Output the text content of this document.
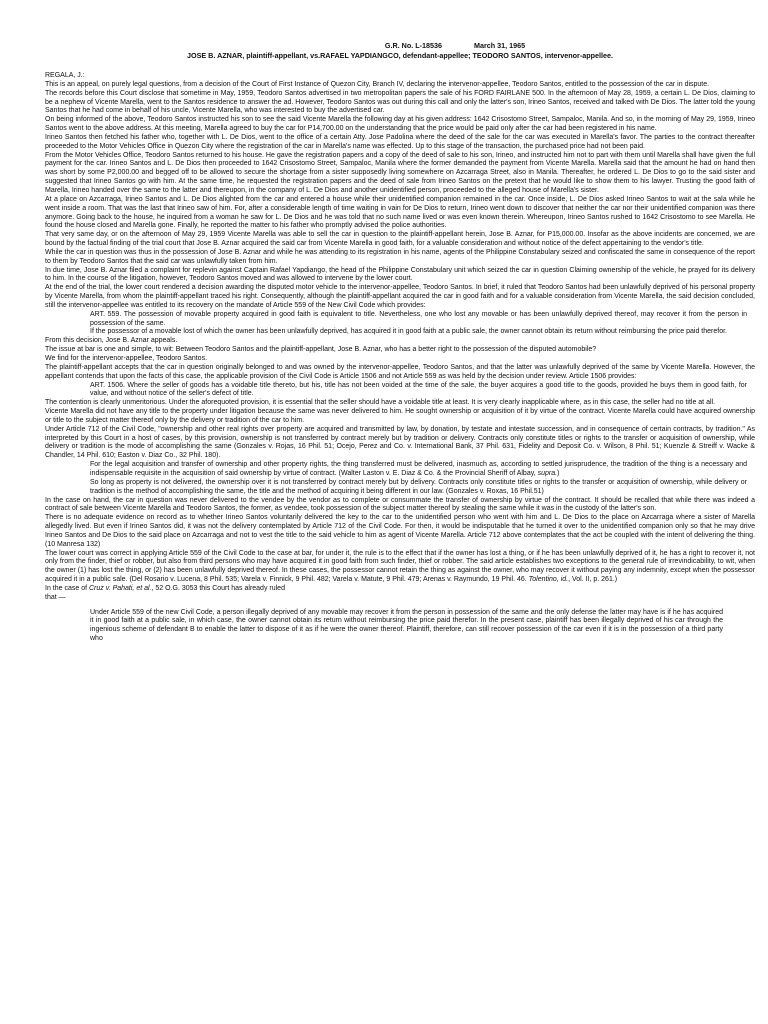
G.R. No. L-18536	March 31, 1965
JOSE B. AZNAR, plaintiff-appellant, vs.RAFAEL YAPDIANGCO, defendant-appellee; TEODORO SANTOS, intervenor-appellee.

REGALA, J.:

This is an appeal, on purely legal questions, from a decision of the Court of First Instance of Quezon City, Branch IV, declaring the intervenor-appellee, Teodoro Santos, entitled to the possession of the car in dispute.

The records before this Court disclose that sometime in May, 1959, Teodoro Santos advertised in two metropolitan papers the sale of his FORD FAIRLANE 500. In the afternoon of May 28, 1959, a certain L. De Dios, claiming to be a nephew of Vicente Marella, went to the Santos residence to answer the ad. However, Teodoro Santos was out during this call and only the latter's son, Irineo Santos, received and talked with De Dios. The latter told the young Santos that he had come in behalf of his uncle, Vicente Marella, who was interested to buy the advertised car.

On being informed of the above, Teodoro Santos instructed his son to see the said Vicente Marella the following day at his given address: 1642 Crisostomo Street, Sampaloc, Manila. And so, in the morning of May 29, 1959, Irineo Santos went to the above address. At this meeting, Marella agreed to buy the car for P14,700.00 on the understanding that the price would be paid only after the car had been registered in his name.

Irineo Santos then fetched his father who, together with L. De Dios, went to the office of a certain Atty. Jose Padolina where the deed of the sale for the car was executed in Marella's favor. The parties to the contract thereafter proceeded to the Motor Vehicles Office in Quezon City where the registration of the car in Marella's name was effected. Up to this stage of the transaction, the purchased price had not been paid.

From the Motor Vehicles Office, Teodoro Santos returned to his house. He gave the registration papers and a copy of the deed of sale to his son, Irineo, and instructed him not to part with them until Marella shall have given the full payment for the car. Irineo Santos and L. De Dios then proceeded to 1642 Crisostomo Street, Sampaloc, Manila where the former demanded the payment from Vicente Marella. Marella said that the amount he had on hand then was short by some P2,000.00 and begged off to be allowed to secure the shortage from a sister supposedly living somewhere on Azcarraga Street, also in Manila. Thereafter, he ordered L. De Dios to go to the said sister and suggested that Irineo Santos go with him. At the same time, he requested the registration papers and the deed of sale from Irineo Santos on the pretext that he would like to show them to his lawyer. Trusting the good faith of Marella, Irineo handed over the same to the latter and thereupon, in the company of L. De Dios and another unidentified person, proceeded to the alleged house of Marella's sister.

At a place on Azcarraga, Irineo Santos and L. De Dios alighted from the car and entered a house while their unidentified companion remained in the car. Once inside, L. De Dios asked Irineo Santos to wait at the sala while he went inside a room. That was the last that Irineo saw of him. For, after a considerable length of time waiting in vain for De Dios to return, Irineo went down to discover that neither the car nor their unidentified companion was there anymore. Going back to the house, he inquired from a woman he saw for L. De Dios and he was told that no such name lived or was even known therein. Whereupon, Irineo Santos rushed to 1642 Crisostomo to see Marella. He found the house closed and Marella gone. Finally, he reported the matter to his father who promptly advised the police authorities.

That very same day, or on the afternoon of May 29, 1959 Vicente Marella was able to sell the car in question to the plaintiff-appellant herein, Jose B. Aznar, for P15,000.00. Insofar as the above incidents are concerned, we are bound by the factual finding of the trial court that Jose B. Aznar acquired the said car from Vicente Marella in good faith, for a valuable consideration and without notice of the defect appertaining to the vendor's title.

While the car in question was thus in the possession of Jose B. Aznar and while he was attending to its registration in his name, agents of the Philippine Constabulary seized and confiscated the same in consequence of the report to them by Teodoro Santos that the said car was unlawfully taken from him.

In due time, Jose B. Aznar filed a complaint for replevin against Captain Rafael Yapdiango, the head of the Philippine Constabulary unit which seized the car in question Claiming ownership of the vehicle, he prayed for its delivery to him. In the course of the litigation, however, Teodoro Santos moved and was allowed to intervene by the lower court.

At the end of the trial, the lower court rendered a decision awarding the disputed motor vehicle to the intervenor-appellee, Teodoro Santos. In brief, it ruled that Teodoro Santos had been unlawfully deprived of his personal property by Vicente Marella, from whom the plaintiff-appellant traced his right. Consequently, although the plaintiff-appellant acquired the car in good faith and for a valuable consideration from Vicente Marella, the said decision concluded, still the intervenor-appellee was entitled to its recovery on the mandate of Article 559 of the New Civil Code which provides:

ART. 559. The possession of movable property acquired in good faith is equivalent to title. Nevertheless, one who lost any movable or has been unlawfully deprived thereof, may recover it from the person in possession of the same.

If the possessor of a movable lost of which the owner has been unlawfully deprived, has acquired it in good faith at a public sale, the owner cannot obtain its return without reimbursing the price paid therefor.

From this decision, Jose B. Aznar appeals.

The issue at bar is one and simple, to wit: Between Teodoro Santos and the plaintiff-appellant, Jose B. Aznar, who has a better right to the possession of the disputed automobile?

We find for the intervenor-appellee, Teodoro Santos.

The plaintiff-appellant accepts that the car in question originally belonged to and was owned by the intervenor-appellee, Teodoro Santos, and that the latter was unlawfully deprived of the same by Vicente Marella. However, the appellant contends that upon the facts of this case, the applicable provision of the Civil Code is Article 1506 and not Article 559 as was held by the decision under review. Article 1506 provides:

ART. 1506. Where the seller of goods has a voidable title thereto, but his, title has not been voided at the time of the sale, the buyer acquires a good title to the goods, provided he buys them in good faith, for value, and without notice of the seller's defect of title.

The contention is clearly unmeritorious. Under the aforequoted provision, it is essential that the seller should have a voidable title at least. It is very clearly inapplicable where, as in this case, the seller had no title at all.

Vicente Marella did not have any title to the property under litigation because the same was never delivered to him. He sought ownership or acquisition of it by virtue of the contract. Vicente Marella could have acquired ownership or title to the subject matter thereof only by the delivery or tradition of the car to him.

Under Article 712 of the Civil Code, "ownership and other real rights over property are acquired and transmitted by law, by donation, by testate and intestate succession, and in consequence of certain contracts, by tradition." As interpreted by this Court in a host of cases, by this provision, ownership is not transferred by contract merely but by tradition or delivery. Contracts only constitute titles or rights to the transfer or acquisition of ownership, while delivery or tradition is the mode of accomplishing the same (Gonzales v. Rojas, 16 Phil. 51; Ocejo, Perez and Co. v. International Bank, 37 Phil. 631, Fidelity and Deposit Co. v. Wilson, 8 Phil. 51; Kuenzle & Streiff v. Wacke & Chandler, 14 Phil. 610; Easton v. Diaz Co., 32 Phil. 180).

For the legal acquisition and transfer of ownership and other property rights, the thing transferred must be delivered, inasmuch as, according to settled jurisprudence, the tradition of the thing is a necessary and indispensable requisite in the acquisition of said ownership by virtue of contract. (Walter Laston v. E. Diaz & Co. & the Provincial Sheriff of Albay, supra.)

So long as property is not delivered, the ownership over it is not transferred by contract merely but by delivery. Contracts only constitute titles or rights to the transfer or acquisition of ownership, while delivery or tradition is the method of accomplishing the same, the title and the method of acquiring it being different in our law. (Gonzales v. Roxas, 16 Phil.51)

In the case on hand, the car in question was never delivered to the vendee by the vendor as to complete or consummate the transfer of ownership by virtue of the contract. It should be recalled that while there was indeed a contract of sale between Vicente Marella and Teodoro Santos, the former, as vendee, took possession of the subject matter thereof by stealing the same while it was in the custody of the latter's son.

There is no adequate evidence on record as to whether Irineo Santos voluntarily delivered the key to the car to the unidentified person who went with him and L. De Dios to the place on Azcarraga where a sister of Marella allegedly lived. But even if Irineo Santos did, it was not the delivery contemplated by Article 712 of the Civil Code. For then, it would be indisputable that he turned it over to the unidentified companion only so that he may drive Irineo Santos and De Dios to the said place on Azcarraga and not to vest the title to the said vehicle to him as agent of Vicente Marella. Article 712 above contemplates that the act be coupled with the intent of delivering the thing. (10 Manresa 132)

The lower court was correct in applying Article 559 of the Civil Code to the case at bar, for under it, the rule is to the effect that if the owner has lost a thing, or if he has been unlawfully deprived of it, he has a right to recover it, not only from the finder, thief or robber, but also from third persons who may have acquired it in good faith from such finder, thief or robber. The said article establishes two exceptions to the general rule of irrevindicability, to wit, when the owner (1) has lost the thing, or (2) has been unlawfully deprived thereof. In these cases, the possessor cannot retain the thing as against the owner, who may recover it without paying any indemnity, except when the possessor acquired it in a public sale. (Del Rosario v. Lucena, 8 Phil. 535; Varela v. Finnick, 9 Phil. 482; Varela v. Matute, 9 Phil. 479; Arenas v. Raymundo, 19 Phil. 46. Tolentino, id., Vol. II, p. 261.)

In the case of Cruz v. Pahati, et al., 52 O.G. 3053 this Court has already ruled
that —

Under Article 559 of the new Civil Code, a person illegally deprived of any movable may recover it from the person in possession of the same and the only defense the latter may have is if he has acquired it in good faith at a public sale, in which case, the owner cannot obtain its return without reimbursing the price paid therefor. In the present case, plaintiff has been illegally deprived of his car through the ingenious scheme of defendant B to enable the latter to dispose of it as if he were the owner thereof. Plaintiff, therefore, can still recover possession of the car even if it is in the possession of a third party who
